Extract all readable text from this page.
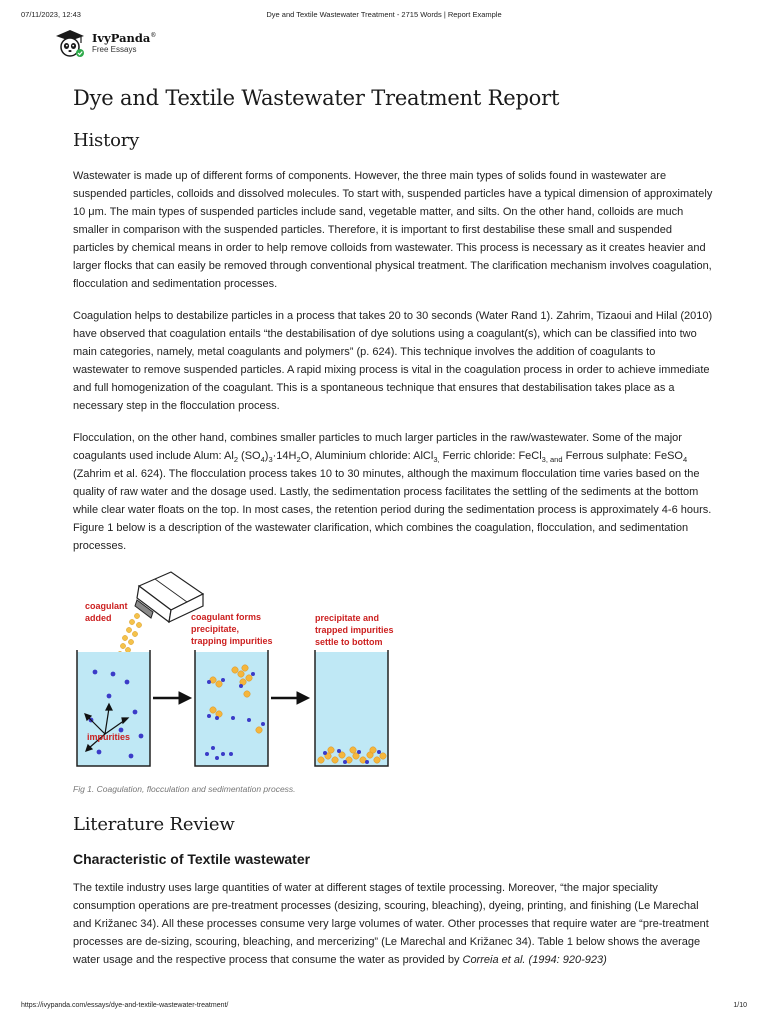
07/11/2023, 12:43	Dye and Textile Wastewater Treatment - 2715 Words | Report Example
IvyPanda®
Free Essays
Dye and Textile Wastewater Treatment Report
History

Wastewater is made up of different forms of components. However, the three main types of solids found in wastewater are suspended particles, colloids and dissolved molecules. To start with, suspended particles have a typical dimension of approximately 10 μm. The main types of suspended particles include sand, vegetable matter, and silts. On the other hand, colloids are much smaller in comparison with the suspended particles. Therefore, it is important to first destabilise these small and suspended particles by chemical means in order to help remove colloids from wastewater. This process is necessary as it creates heavier and larger flocks that can easily be removed through conventional physical treatment. The clarification mechanism involves coagulation, flocculation and sedimentation processes.

Coagulation helps to destabilize particles in a process that takes 20 to 30 seconds (Water Rand 1). Zahrim, Tizaoui and Hilal (2010) have observed that coagulation entails “the destabilisation of dye solutions using a coagulant(s), which can be classified into two main categories, namely, metal coagulants and polymers” (p. 624). This technique involves the addition of coagulants to wastewater to remove suspended particles. A rapid mixing process is vital in the coagulation process in order to achieve immediate and full homogenization of the coagulant. This is a spontaneous technique that ensures that destabilisation takes place as a necessary step in the flocculation process.

Flocculation, on the other hand, combines smaller particles to much larger particles in the raw/wastewater. Some of the major coagulants used include Alum: $Al_2$ $(SO_4)_3\cdot 14H_2O$, Aluminium chloride: AlCl$_{3,}$ Ferric chloride: FeCl$_{3, and}$ Ferrous sulphate: FeSO$_4$ (Zahrim et al. 624). The flocculation process takes 10 to 30 minutes, although the maximum flocculation time varies based on the quality of raw water and the dosage used. Lastly, the sedimentation process facilitates the settling of the sediments at the bottom while clear water floats on the top. In most cases, the retention period during the sedimentation process is approximately 4-6 hours. Figure 1 below is a description of the wastewater clarification, which combines the coagulation, flocculation, and sedimentation processes.

coagulant
added	coagulant forms
precipitate,
trapping impurities
precipitate and
trapped impurities
settle to bottom
impurities
Fig 1. Coagulation, flocculation and sedimentation process.
Literature Review
Characteristic of Textile wastewater

The textile industry uses large quantities of water at different stages of textile processing. Moreover, “the major speciality consumption operations are pre-treatment processes (desizing, scouring, bleaching), dyeing, printing, and finishing (Le Marechal and Križanec 34). All these processes consume very large volumes of water. Other processes that require water are “pre-treatment processes are de-sizing, scouring, bleaching, and mercerizing” (Le Marechal and Križanec 34). Table 1 below shows the average water usage and the respective process that consume the water as provided by Correia et al. (1994: 920-923)

https://ivypanda.com/essays/dye-and-textile-wastewater-treatment/	1/10
